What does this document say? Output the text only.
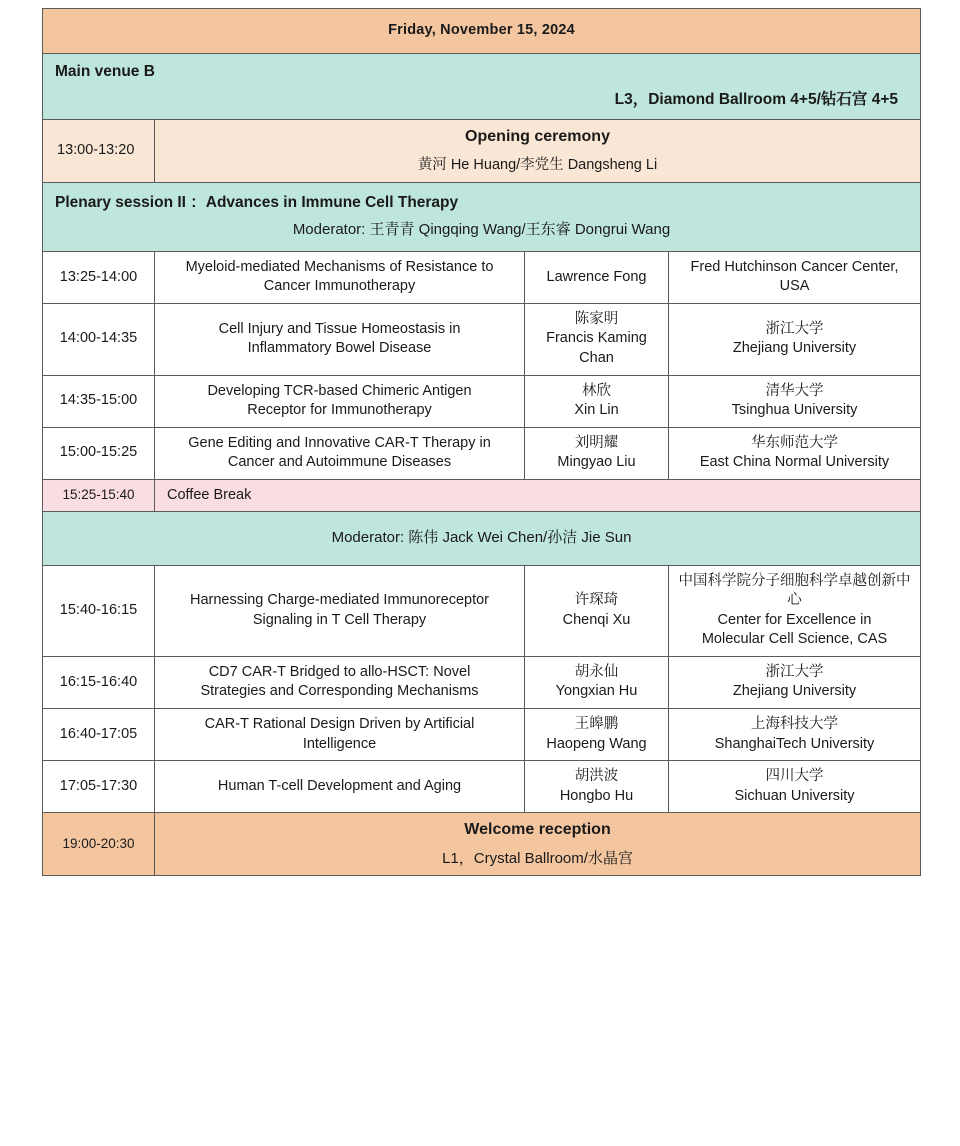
Friday, November 15, 2024			

Main venue B
L3，Diamond Ballroom 4+5/钻石宫 4+5			

13:00-13:20	Opening ceremony
黄河 He Huang/李党生 Dangsheng Li		

Plenary session II ：Advances in Immune Cell Therapy
Moderator: 王青青 Qingqing Wang/王东睿 Dongrui Wang			

13:25-14:00	Myeloid-mediated Mechanisms of Resistance to
Cancer Immunotherapy	Lawrence Fong	Fred Hutchinson Cancer Center,
USA

14:00-14:35	Cell Injury and Tissue Homeostasis in
Inflammatory Bowel Disease	陈家明
Francis Kaming Chan	浙江大学
Zhejiang University

14:35-15:00	Developing TCR-based Chimeric Antigen
Receptor for Immunotherapy	林欣
Xin Lin	清华大学
Tsinghua University

15:00-15:25	Gene Editing and Innovative CAR-T Therapy in
Cancer and Autoimmune Diseases	刘明耀
Mingyao Liu	华东师范大学
East China Normal University

15:25-15:40	Coffee Break		

Moderator: 陈伟 Jack Wei Chen/孙洁 Jie Sun			

15:40-16:15	Harnessing Charge-mediated Immunoreceptor
Signaling in T Cell Therapy	许琛琦
Chenqi Xu	中国科学院分子细胞科学卓越创新中心
Center for Excellence in
Molecular Cell Science, CAS

16:15-16:40	CD7 CAR-T Bridged to allo-HSCT: Novel
Strategies and Corresponding Mechanisms	胡永仙
Yongxian Hu	浙江大学
Zhejiang University

16:40-17:05	CAR-T Rational Design Driven by Artificial
Intelligence	王皞鹏
Haopeng Wang	上海科技大学
ShanghaiTech University

17:05-17:30	Human T-cell Development and Aging	胡洪波
Hongbo Hu	四川大学
Sichuan University

19:00-20:30	Welcome reception
L1，Crystal Ballroom/水晶宫		
